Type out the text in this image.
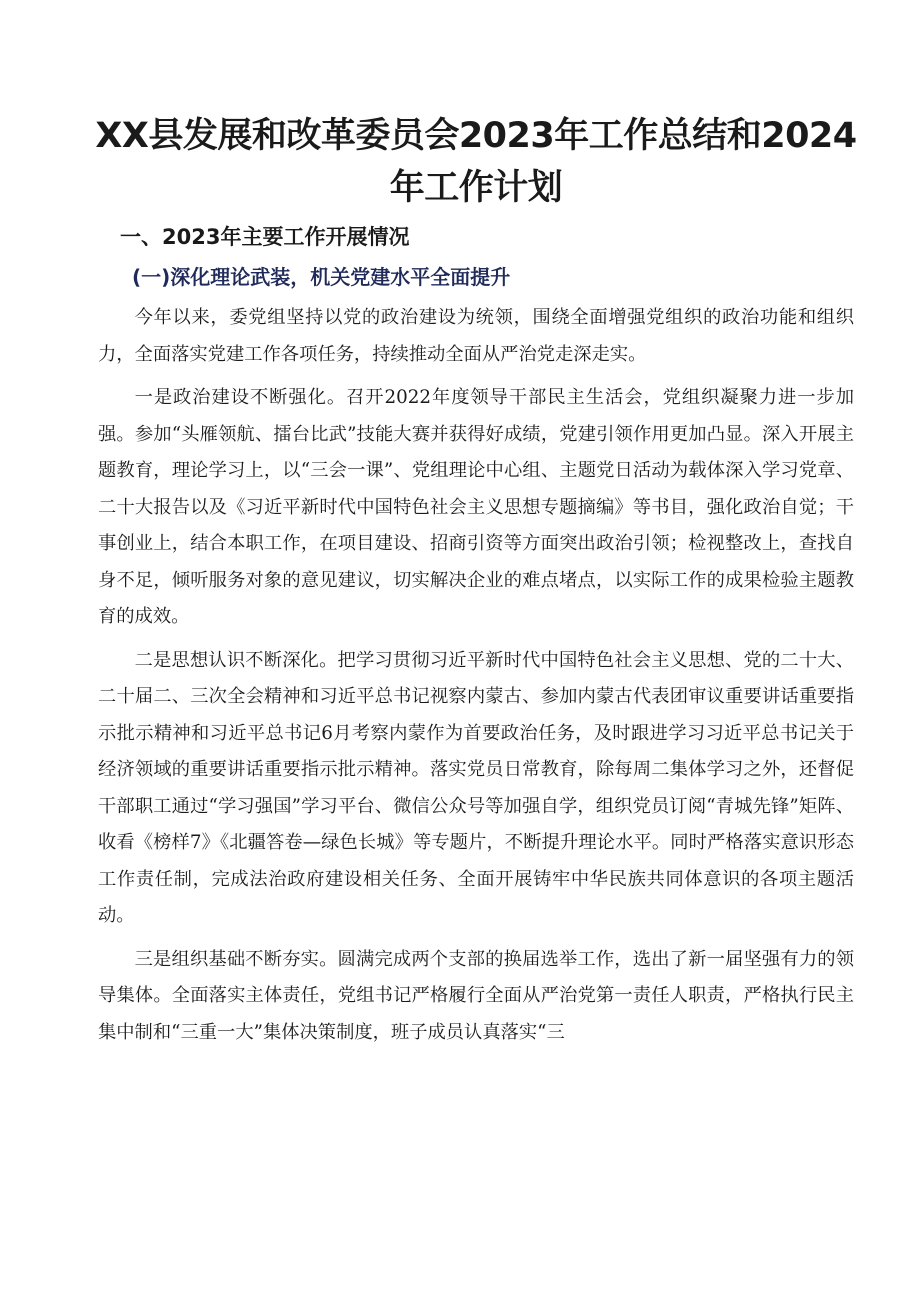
XX县发展和改革委员会2023年工作总结和2024年工作计划
一、2023年主要工作开展情况
(一)深化理论武装，机关党建水平全面提升

今年以来，委党组坚持以党的政治建设为统领，围绕全面增强党组织的政治功能和组织力，全面落实党建工作各项任务，持续推动全面从严治党走深走实。

一是政治建设不断强化。召开2022年度领导干部民主生活会，党组织凝聚力进一步加强。参加“头雁领航、擂台比武”技能大赛并获得好成绩，党建引领作用更加凸显。深入开展主题教育，理论学习上，以“三会一课”、党组理论中心组、主题党日活动为载体深入学习党章、二十大报告以及《习近平新时代中国特色社会主义思想专题摘编》等书目，强化政治自觉；干事创业上，结合本职工作，在项目建设、招商引资等方面突出政治引领；检视整改上，查找自身不足，倾听服务对象的意见建议，切实解决企业的难点堵点，以实际工作的成果检验主题教育的成效。

二是思想认识不断深化。把学习贯彻习近平新时代中国特色社会主义思想、党的二十大、二十届二、三次全会精神和习近平总书记视察内蒙古、参加内蒙古代表团审议重要讲话重要指示批示精神和习近平总书记6月考察内蒙作为首要政治任务，及时跟进学习习近平总书记关于经济领域的重要讲话重要指示批示精神。落实党员日常教育，除每周二集体学习之外，还督促干部职工通过“学习强国”学习平台、微信公众号等加强自学，组织党员订阅“青城先锋”矩阵、收看《榜样7》《北疆答卷—绿色长城》等专题片，不断提升理论水平。同时严格落实意识形态工作责任制，完成法治政府建设相关任务、全面开展铸牢中华民族共同体意识的各项主题活动。

三是组织基础不断夯实。圆满完成两个支部的换届选举工作，选出了新一届坚强有力的领导集体。全面落实主体责任，党组书记严格履行全面从严治党第一责任人职责，严格执行民主集中制和“三重一大”集体决策制度，班子成员认真落实“三
